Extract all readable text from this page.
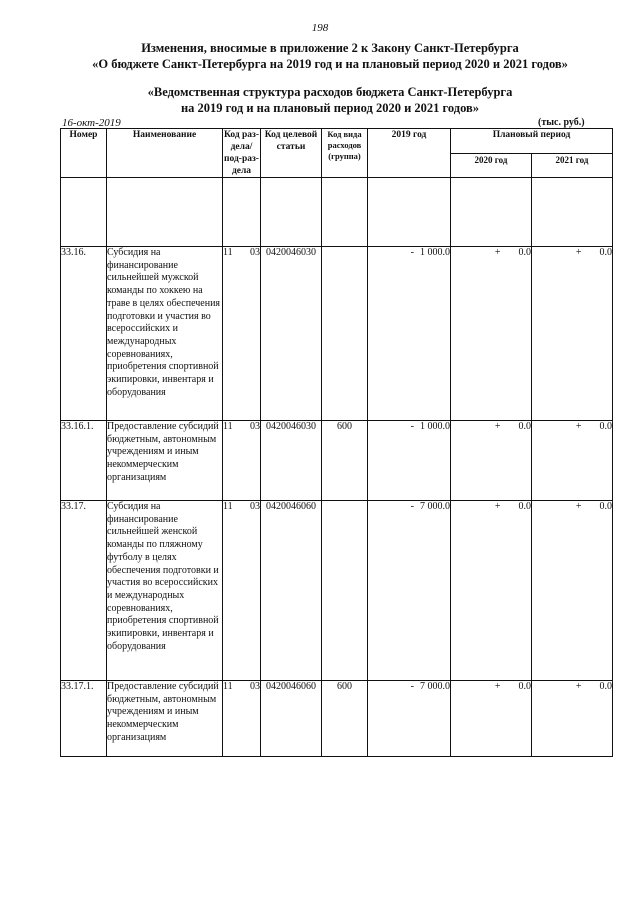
198
Изменения, вносимые в приложение 2 к Закону Санкт-Петербурга
«О бюджете Санкт-Петербурга на 2019 год и на плановый период 2020 и 2021 годов»
«Ведомственная структура расходов бюджета Санкт-Петербурга
на 2019 год и на плановый период 2020 и 2021 годов»
16-окт-2019	(тыс. руб.)
Номер	Наименование	Код раз-дела/ под-раз-дела	Код целевой статьи	Код вида расходов (группа)	2019 год	Плановый период	
						2020 год	2021 год

33.16.	Субсидия на финансирование сильнейшей мужской команды по хоккею на траве в целях обеспечения подготовки и участия во всероссийских и международных соревнованиях, приобретения спортивной экипировки, инвентаря и оборудования	11 03	0420046030		- 1 000.0	+ 0.0	+ 0.0
33.16.1.	Предоставление субсидий бюджетным, автономным учреждениям и иным некоммерческим организациям	11 03	0420046030	600	- 1 000.0	+ 0.0	+ 0.0
33.17.	Субсидия на финансирование сильнейшей женской команды по пляжному футболу в целях обеспечения подготовки и участия во всероссийских и международных соревнованиях, приобретения спортивной экипировки, инвентаря и оборудования	11 03	0420046060		- 7 000.0	+ 0.0	+ 0.0
33.17.1.	Предоставление субсидий бюджетным, автономным учреждениям и иным некоммерческим организациям	11 03	0420046060	600	- 7 000.0	+ 0.0	+ 0.0
